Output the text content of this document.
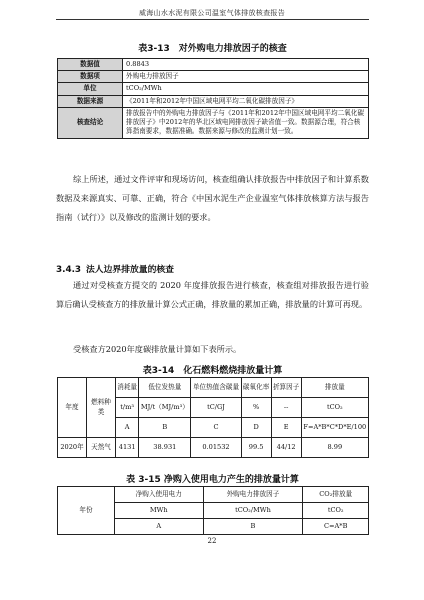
威海山水水泥有限公司温室气体排放核查报告
表3-13　对外购电力排放因子的核查
数据值	0.8843
数据项	外购电力排放因子
单位	tCO₂/MWh
数据来源	《2011年和2012年中国区域电网平均二氧化碳排放因子》
核查结论	排放报告中的外购电力排放因子与《2011年和2012年中国区域电网平均二氧化碳排放因子》中2012年的华北区域电网排放因子缺省值一致。数据源合理，符合核算指南要求，数据准确。数据来源与修改的监测计划一致。
综上所述，通过文件评审和现场访问，核查组确认排放报告中排放因子和计算系数数据及来源真实、可靠、正确，符合《中国水泥生产企业温室气体排放核算方法与报告指南（试行）》以及修改的监测计划的要求。
3.4.3 法人边界排放量的核查
通过对受核查方提交的 2020 年度排放报告进行核查，核查组对排放报告进行验算后确认受核查方的排放量计算公式正确，排放量的累加正确，排放量的计算可再现。
受核查方2020年度碳排放量计算如下表所示。
表3-14　化石燃料燃烧排放量计算
年度	燃料种类	消耗量	低位发热量	单位热值含碳量	碳氧化率	折算因子	排放量
		t/m³	MJ/t（MJ/m³）	tC/GJ	%	--	tCO₂
		A	B	C	D	E	F=A*B*C*D*E/100
2020年	天然气	4131	38.931	0.01532	99.5	44/12	8.99
表 3-15 净购入使用电力产生的排放量计算
年份	净购入使用电力	外购电力排放因子	CO₂排放量
	MWh	tCO₂/MWh	tCO₂
	A	B	C=A*B
22
